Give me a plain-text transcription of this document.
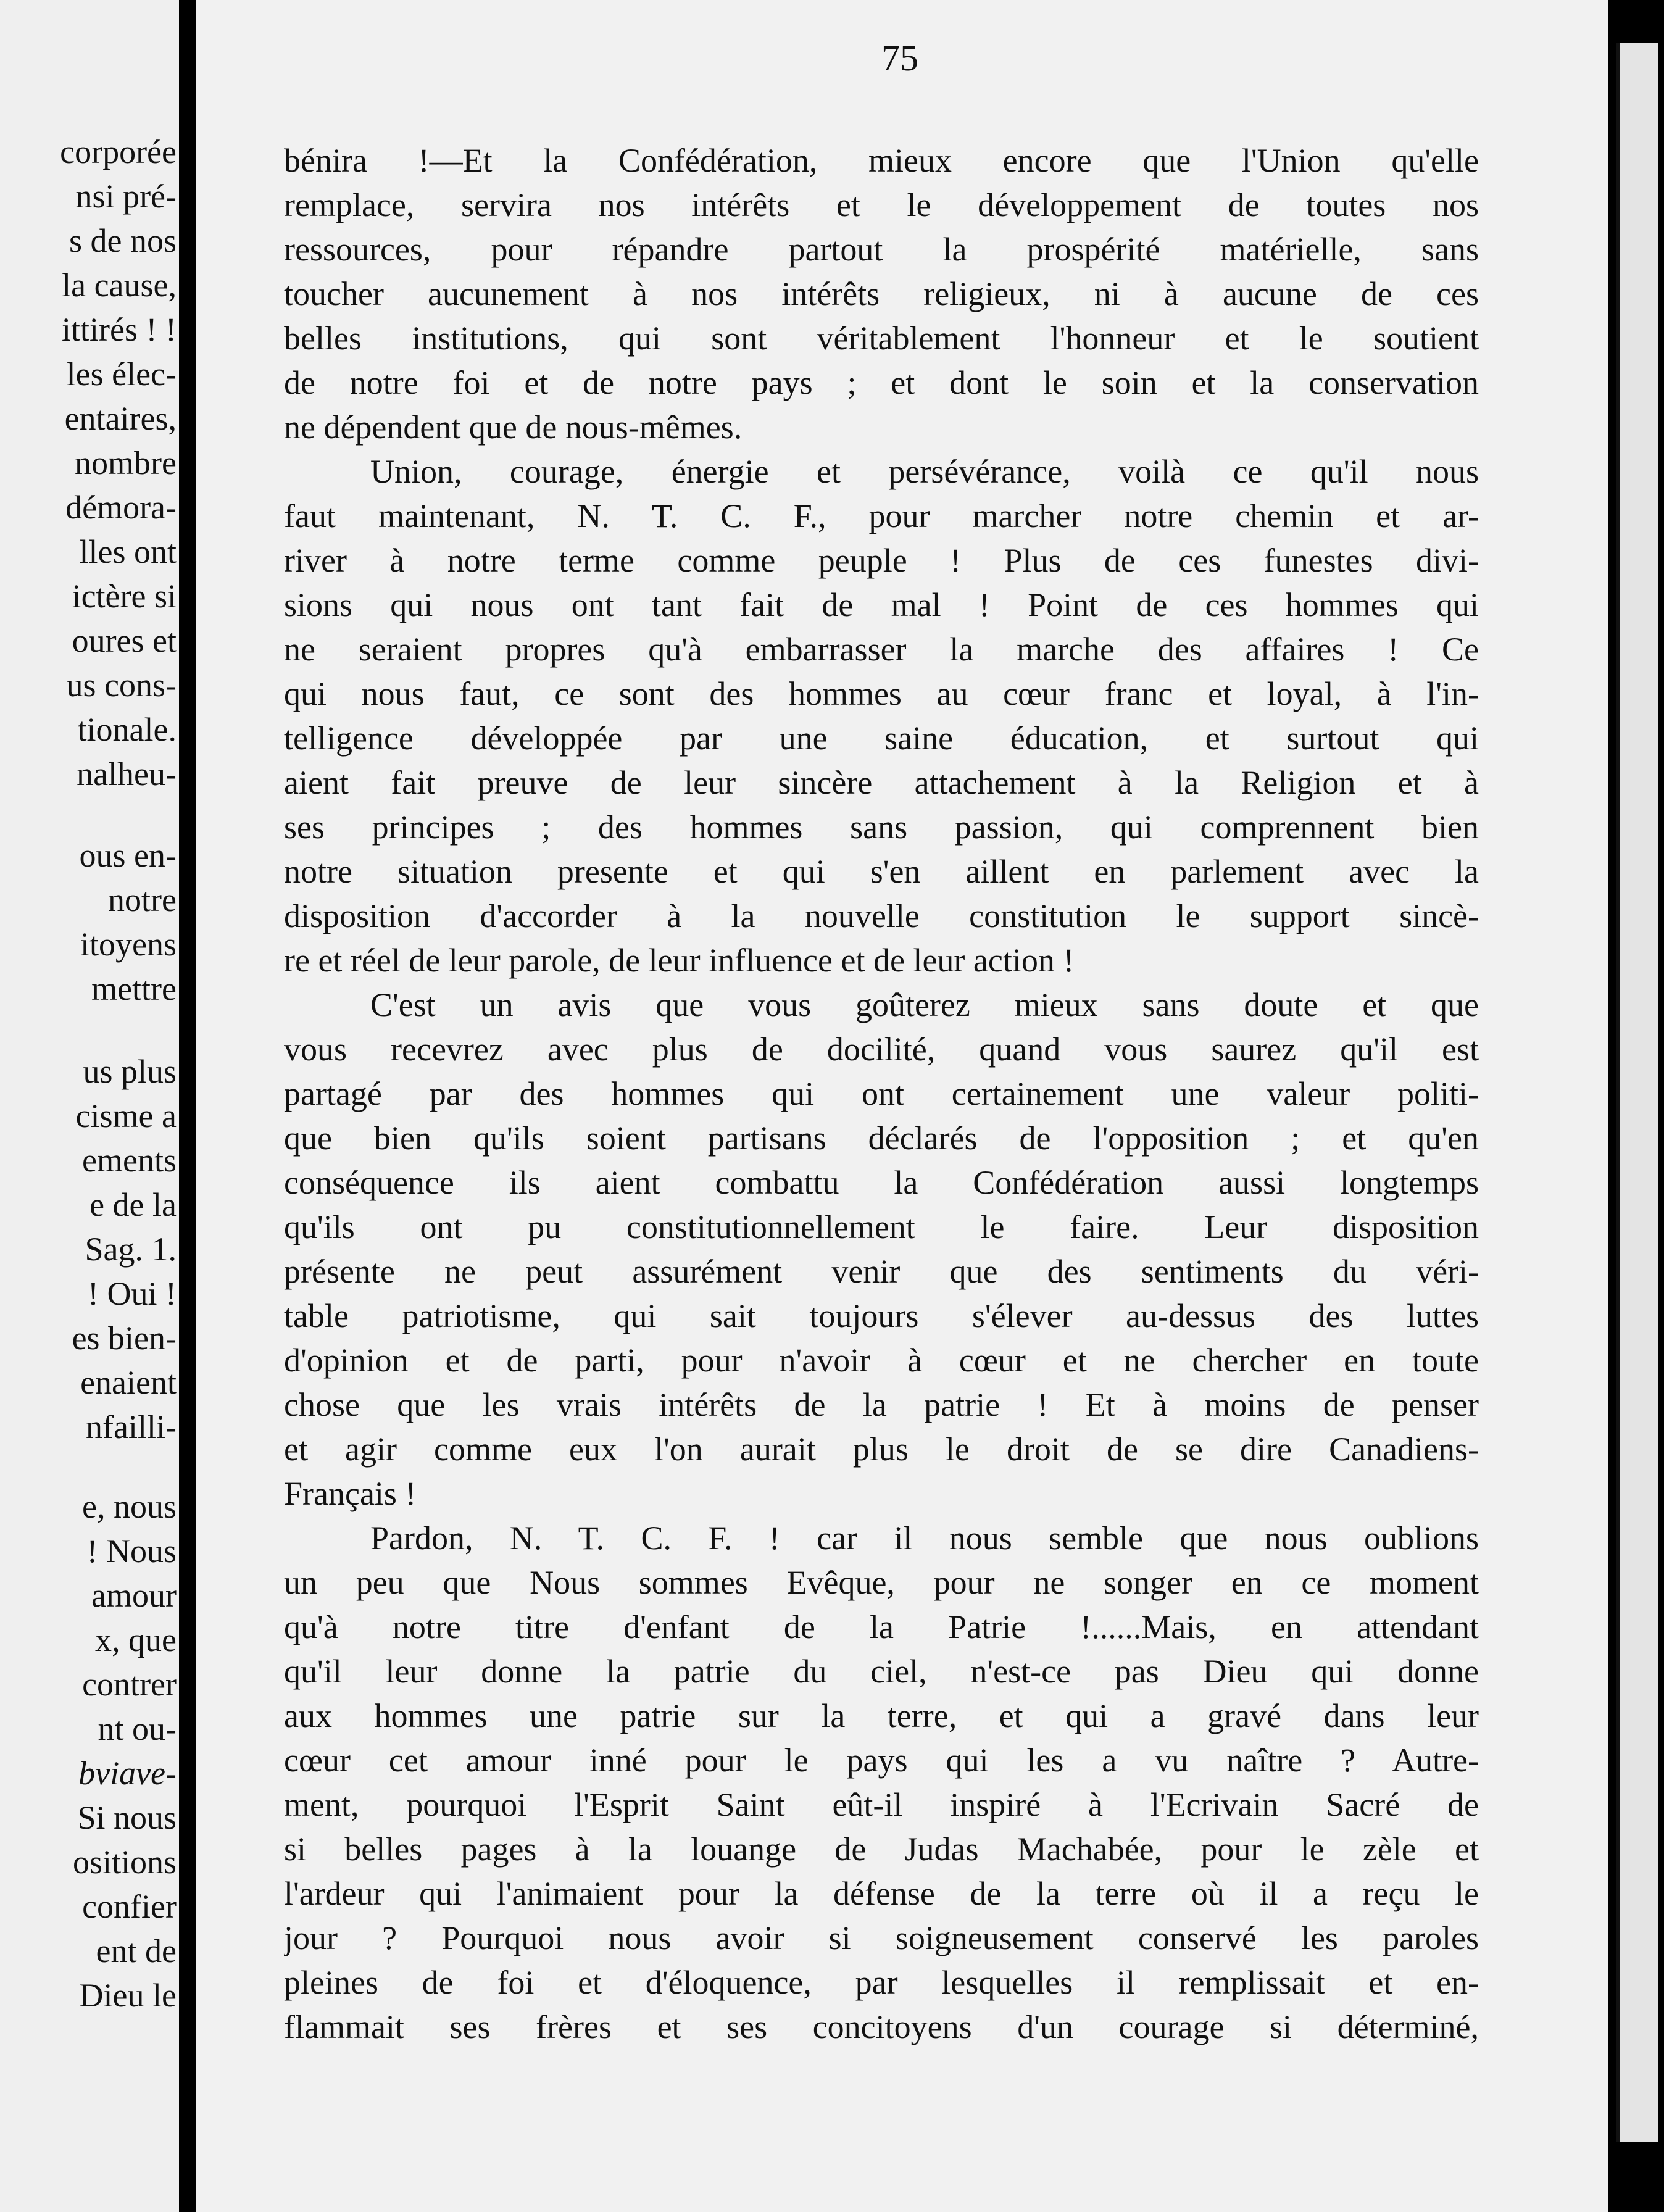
corporée
nsi pré-
s de nos
la cause,
ittirés ! !
les élec-
entaires,
nombre
démora-
lles ont
ictère si
oures et
us cons-
tionale.
nalheu-
ous en-
notre
itoyens
mettre
us plus
cisme a
ements
e de la
Sag. 1.
! Oui !
es bien-
enaient
nfailli-
e, nous
! Nous
amour
x, que
contrer
nt ou-
bviave-
Si nous
ositions
confier
ent de
Dieu le
75
bénira !—Et la Confédération, mieux encore que l'Union qu'elle
remplace, servira nos intérêts et le développement de toutes nos
ressources, pour répandre partout la prospérité matérielle, sans
toucher aucunement à nos intérêts religieux, ni à aucune de ces
belles institutions, qui sont véritablement l'honneur et le soutient
de notre foi et de notre pays ; et dont le soin et la conservation
ne dépendent que de nous-mêmes.
Union, courage, énergie et persévérance, voilà ce qu'il nous
faut maintenant, N. T. C. F., pour marcher notre chemin et ar-
river à notre terme comme peuple ! Plus de ces funestes divi-
sions qui nous ont tant fait de mal ! Point de ces hommes qui
ne seraient propres qu'à embarrasser la marche des affaires ! Ce
qui nous faut, ce sont des hommes au cœur franc et loyal, à l'in-
telligence développée par une saine éducation, et surtout qui
aient fait preuve de leur sincère attachement à la Religion et à
ses principes ; des hommes sans passion, qui comprennent bien
notre situation presente et qui s'en aillent en parlement avec la
disposition d'accorder à la nouvelle constitution le support sincè-
re et réel de leur parole, de leur influence et de leur action !
C'est un avis que vous goûterez mieux sans doute et que
vous recevrez avec plus de docilité, quand vous saurez qu'il est
partagé par des hommes qui ont certainement une valeur politi-
que bien qu'ils soient partisans déclarés de l'opposition ; et qu'en
conséquence ils aient combattu la Confédération aussi longtemps
qu'ils ont pu constitutionnellement le faire. Leur disposition
présente ne peut assurément venir que des sentiments du véri-
table patriotisme, qui sait toujours s'élever au-dessus des luttes
d'opinion et de parti, pour n'avoir à cœur et ne chercher en toute
chose que les vrais intérêts de la patrie ! Et à moins de penser
et agir comme eux l'on aurait plus le droit de se dire Canadiens-
Français !
Pardon, N. T. C. F. ! car il nous semble que nous oublions
un peu que Nous sommes Evêque, pour ne songer en ce moment
qu'à notre titre d'enfant de la Patrie !......Mais, en attendant
qu'il leur donne la patrie du ciel, n'est-ce pas Dieu qui donne
aux hommes une patrie sur la terre, et qui a gravé dans leur
cœur cet amour inné pour le pays qui les a vu naître ? Autre-
ment, pourquoi l'Esprit Saint eût-il inspiré à l'Ecrivain Sacré de
si belles pages à la louange de Judas Machabée, pour le zèle et
l'ardeur qui l'animaient pour la défense de la terre où il a reçu le
jour ? Pourquoi nous avoir si soigneusement conservé les paroles
pleines de foi et d'éloquence, par lesquelles il remplissait et en-
flammait ses frères et ses concitoyens d'un courage si déterminé,
